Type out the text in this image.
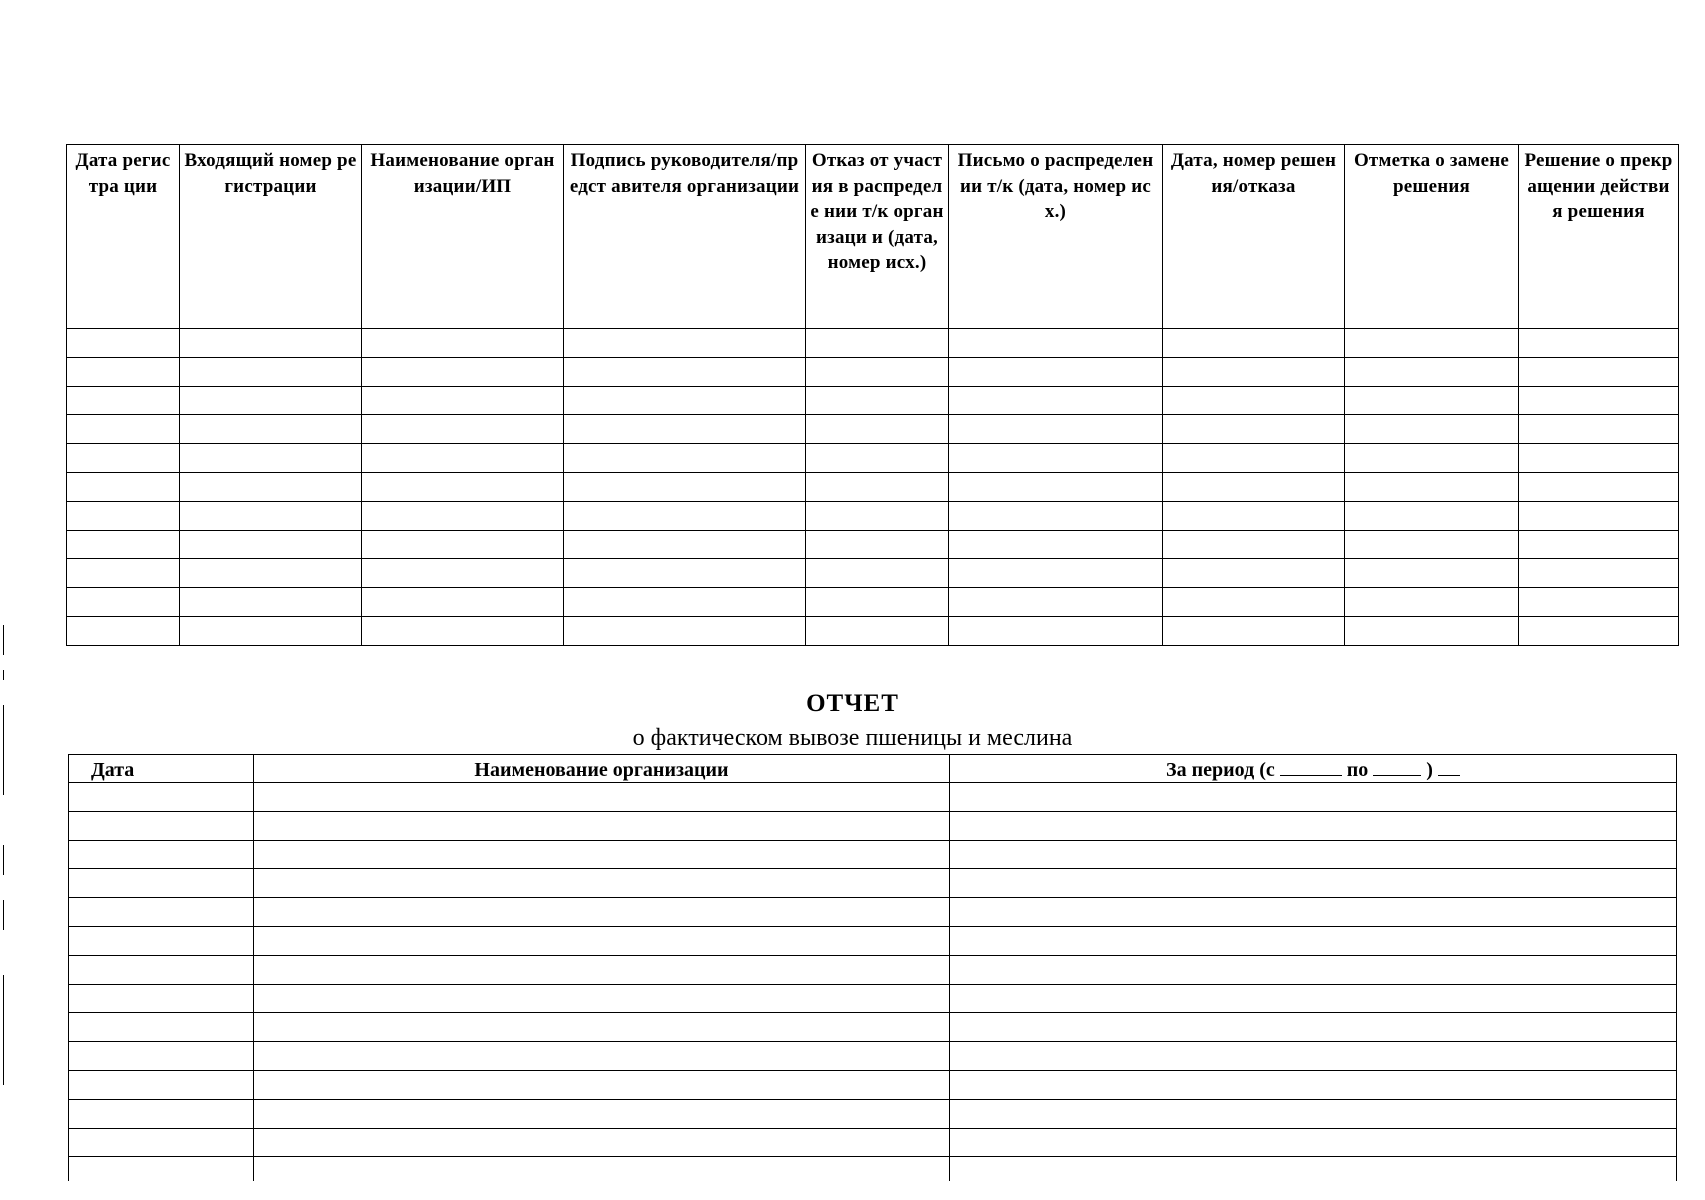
Дата регистра ции	Входящий номер регистрации	Наименование организации/ИП	Подпись руководителя/предст авителя организации	Отказ от участия в распределе нии т/к организаци и (дата, номер исх.)	Письмо о распределении т/к (дата, номер исх.)	Дата, номер решения/отказа	Отметка о замене решения	Решение о прекращении действия решения

ОТЧЕТ
о фактическом вывозе пшеницы и меслина
Дата	Наименование организации	За период (с по )
